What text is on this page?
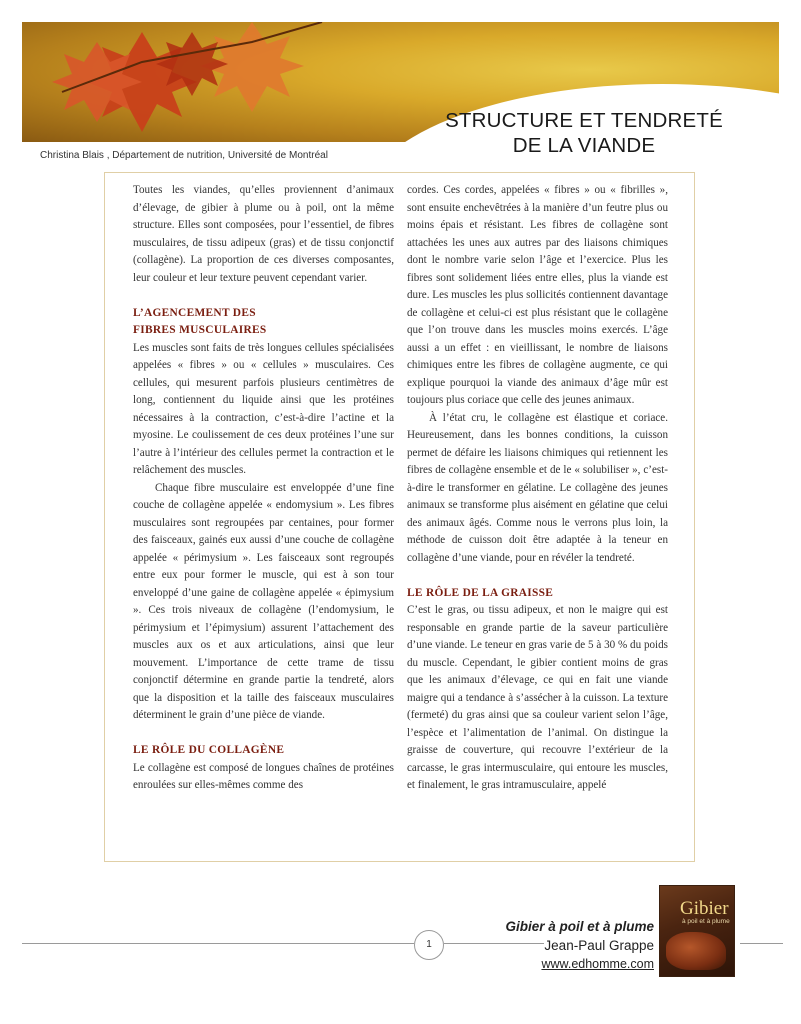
STRUCTURE ET TENDRETÉ
DE LA VIANDE
Christina Blais , Département de nutrition, Université de Montréal

Toutes les viandes, qu’elles proviennent d’animaux d’élevage, de gibier à plume ou à poil, ont la même structure. Elles sont composées, pour l’essentiel, de fibres musculaires, de tissu adipeux (gras) et de tissu conjonctif (collagène). La proportion de ces diverses composantes, leur couleur et leur texture peuvent cependant varier.

L’AGENCEMENT DES
FIBRES MUSCULAIRES

Les muscles sont faits de très longues cellules spécialisées appelées « fibres » ou « cellules » musculaires. Ces cellules, qui mesurent parfois plusieurs centimètres de long, contiennent du liquide ainsi que les protéines nécessaires à la contraction, c’est-à-dire l’actine et la myosine. Le coulissement de ces deux protéines l’une sur l’autre à l’intérieur des cellules permet la contraction et le relâchement des muscles.

Chaque fibre musculaire est enveloppée d’une fine couche de collagène appelée « endomysium ». Les fibres musculaires sont regroupées par centaines, pour former des faisceaux, gainés eux aussi d’une couche de collagène appelée « périmysium ». Les faisceaux sont regroupés entre eux pour former le muscle, qui est à son tour enveloppé d’une gaine de collagène appelée « épimysium ». Ces trois niveaux de collagène (l’endomysium, le périmysium et l’épimysium) assurent l’attachement des muscles aux os et aux articulations, ainsi que leur mouvement. L’importance de cette trame de tissu conjonctif détermine en grande partie la tendreté, alors que la disposition et la taille des faisceaux musculaires déterminent le grain d’une pièce de viande.

LE RÔLE DU COLLAGÈNE

Le collagène est composé de longues chaînes de protéines enroulées sur elles-mêmes comme des

cordes. Ces cordes, appelées « fibres » ou « fibrilles », sont ensuite enchevêtrées à la manière d’un feutre plus ou moins épais et résistant. Les fibres de collagène sont attachées les unes aux autres par des liaisons chimiques dont le nombre varie selon l’âge et l’exercice. Plus les fibres sont solidement liées entre elles, plus la viande est dure. Les muscles les plus sollicités contiennent davantage de collagène et celui-ci est plus résistant que le collagène que l’on trouve dans les muscles moins exercés. L’âge aussi a un effet : en vieillissant, le nombre de liaisons chimiques entre les fibres de collagène augmente, ce qui explique pourquoi la viande des animaux d’âge mûr est toujours plus coriace que celle des jeunes animaux.

À l’état cru, le collagène est élastique et coriace. Heureusement, dans les bonnes conditions, la cuisson permet de défaire les liaisons chimiques qui retiennent les fibres de collagène ensemble et de le « solubiliser », c’est-à-dire le transformer en gélatine. Le collagène des jeunes animaux se transforme plus aisément en gélatine que celui des animaux âgés. Comme nous le verrons plus loin, la méthode de cuisson doit être adaptée à la teneur en collagène d’une viande, pour en révéler la tendreté.

LE RÔLE DE LA GRAISSE

C’est le gras, ou tissu adipeux, et non le maigre qui est responsable en grande partie de la saveur particulière d’une viande. Le teneur en gras varie de 5 à 30 % du poids du muscle. Cependant, le gibier contient moins de gras que les animaux d’élevage, ce qui en fait une viande maigre qui a tendance à s’assécher à la cuisson. La texture (fermeté) du gras ainsi que sa couleur varient selon l’âge, l’espèce et l’alimentation de l’animal. On distingue la graisse de couverture, qui recouvre l’extérieur de la carcasse, le gras intermusculaire, qui entoure les muscles, et finalement, le gras intramusculaire, appelé

1
Gibier à poil et à plume
Jean-Paul Grappe
www.edhomme.com
Gibier
à poil et à plume
